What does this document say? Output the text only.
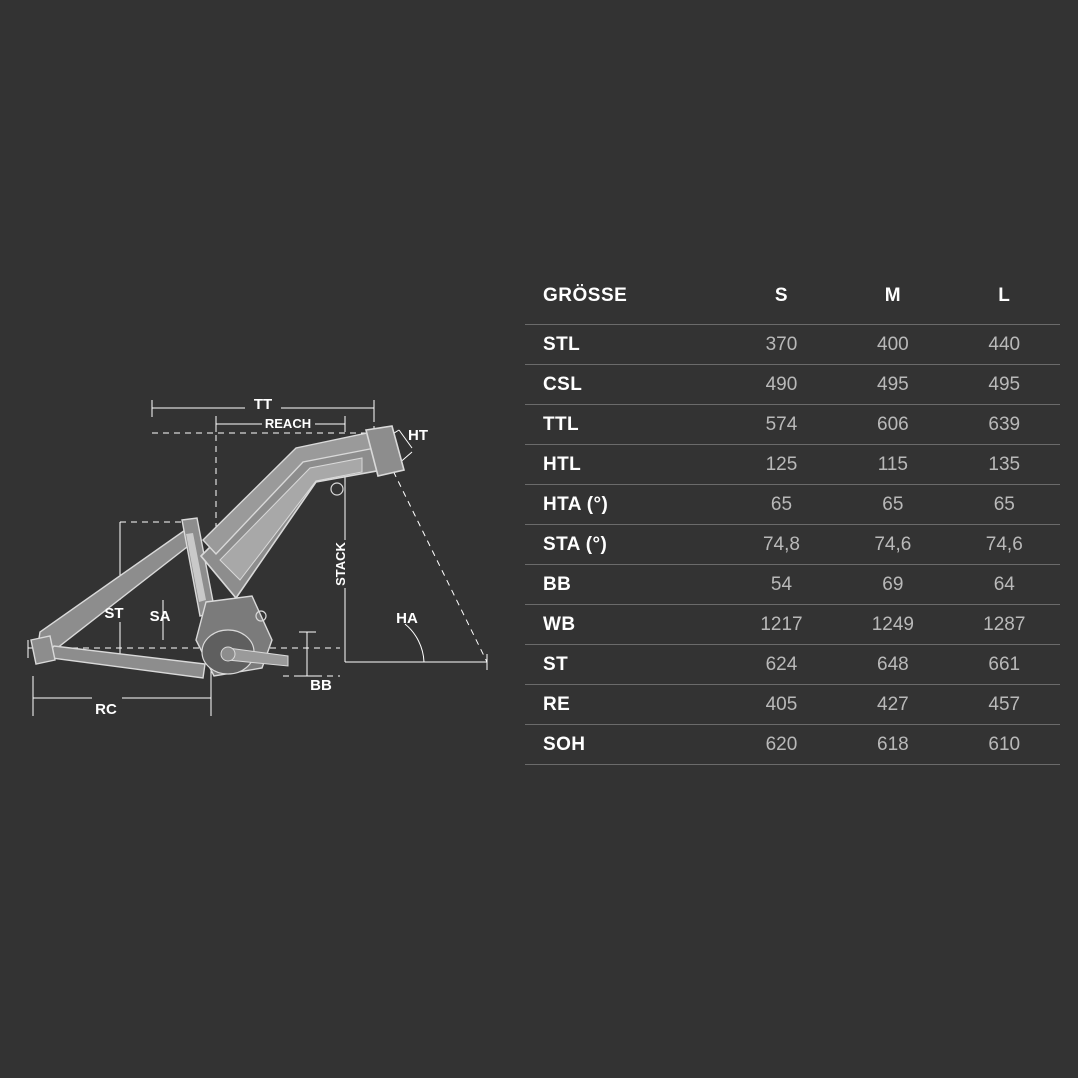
TT
REACH
HT
STACK
ST SA	HA
BB
RC
GRÖSSE	S	M	L
STL	370	400	440
CSL	490	495	495
TTL	574	606	639
HTL	125	115	135
HTA (°)	65	65	65
STA (°)	74,8	74,6	74,6
BB	54	69	64
WB	1217	1249	1287
ST	624	648	661
RE	405	427	457
SOH	620	618	610
